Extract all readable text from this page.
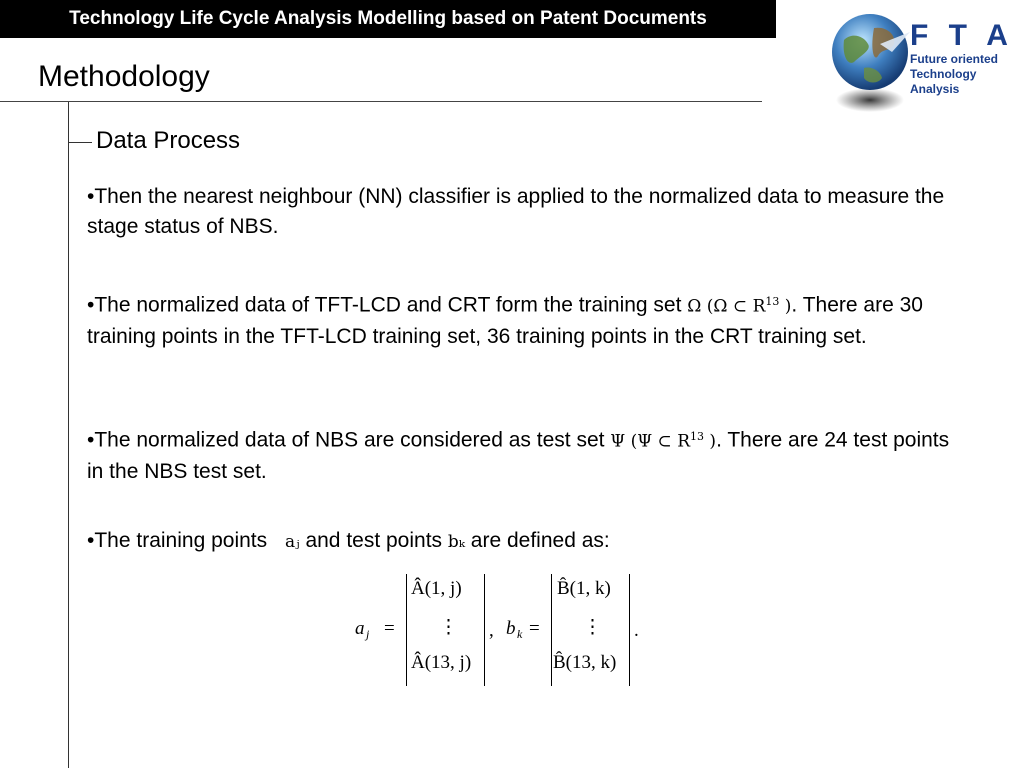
Technology Life Cycle Analysis Modelling based on Patent Documents
Methodology
Data Process
F T A
Future oriented
Technology
Analysis
•Then the nearest neighbour (NN) classifier is applied to the normalized data to measure the stage status of NBS.
•The normalized data of TFT-LCD and CRT form the training set Ω (Ω ⊂ $R^{13}$ ). There are 30 training points in the TFT-LCD training set, 36 training points in the CRT training set.
•The normalized data of NBS are considered as test set Ψ (Ψ ⊂ $R^{13}$ ). There are 24 test points in the NBS test set.
•The training points aⱼ and test points bₖ are defined as:
a j =
Â(1, j)
⋮
Â(13, j)
, b k =
B̂(1, k)
⋮
B̂(13, k)
.
